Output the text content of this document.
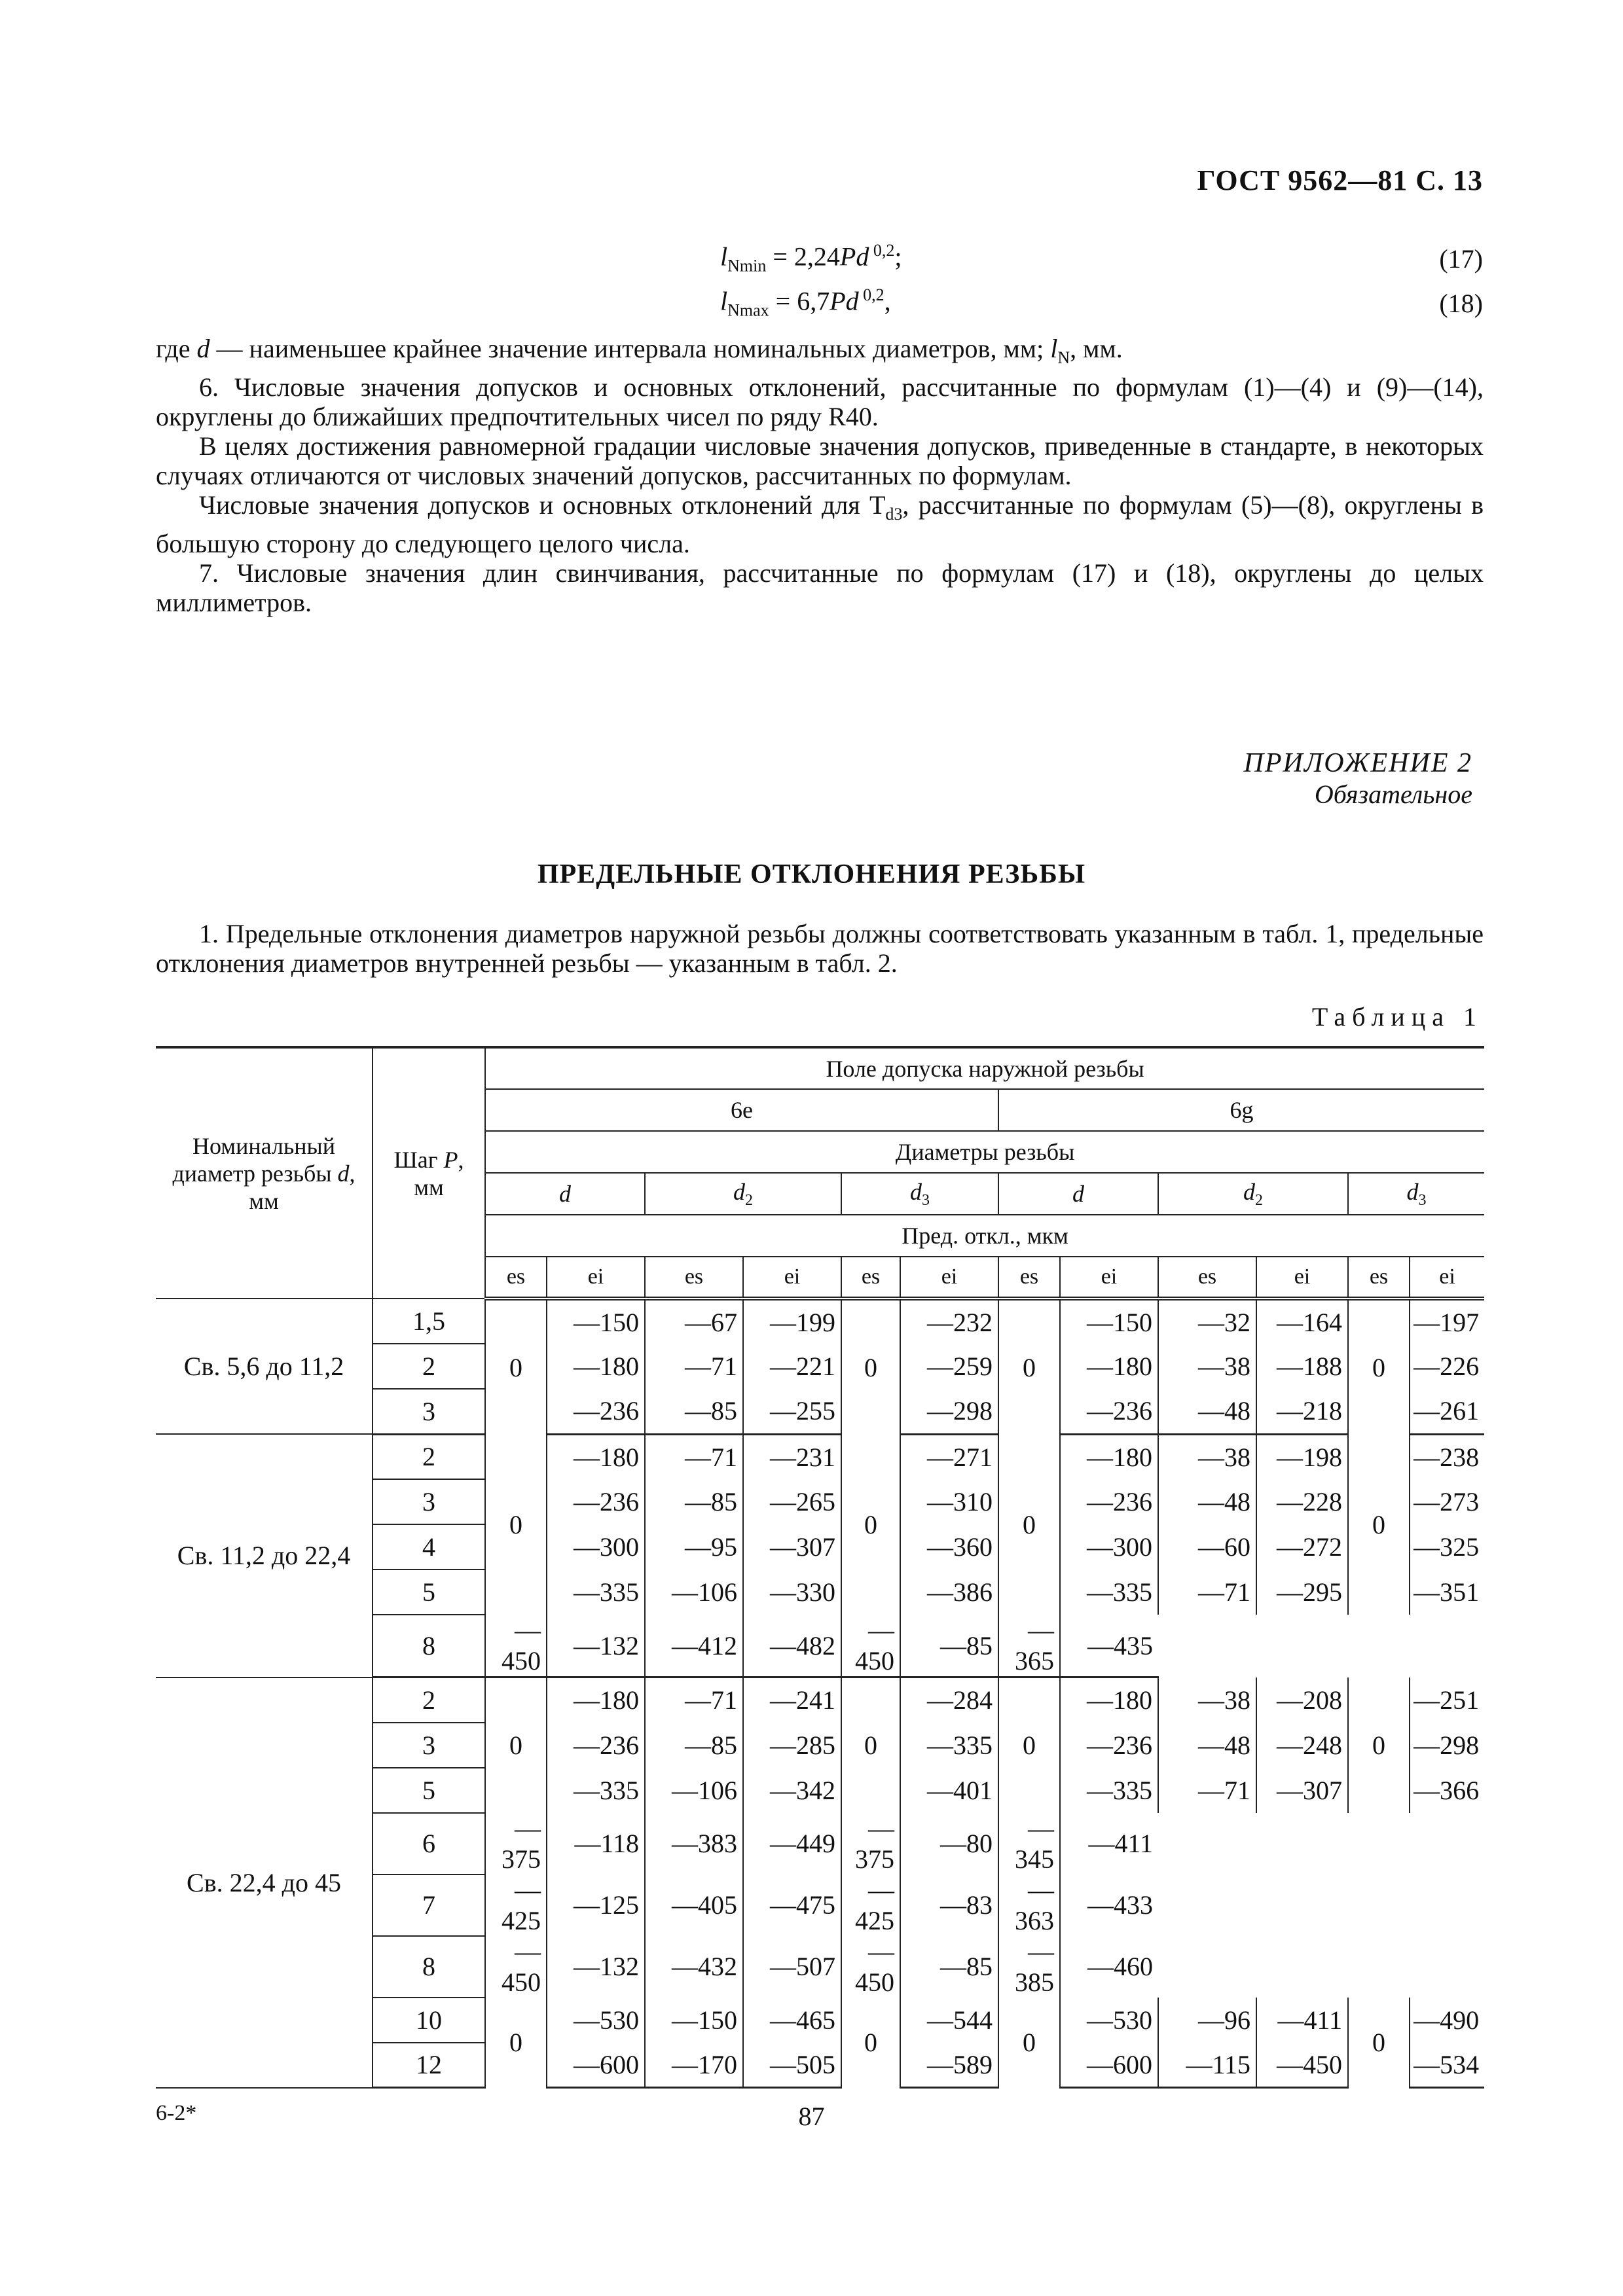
ГОСТ 9562—81 С. 13
$l_{Nmin} = 2,24Pd$ $^{0,2}$;	(17)
$l_{Nmax} = 6,7Pd$ $^{0,2}$,	(18)

где d — наименьшее крайнее значение интервала номинальных диаметров, мм; $l_N$, мм.

6. Числовые значения допусков и основных отклонений, рассчитанные по формулам (1)—(4) и (9)—(14), округлены до ближайших предпочтительных чисел по ряду R40.

В целях достижения равномерной градации числовые значения допусков, приведенные в стандарте, в некоторых случаях отличаются от числовых значений допусков, рассчитанных по формулам.

Числовые значения допусков и основных отклонений для $T_{d3}$, рассчитанные по формулам (5)—(8), округлены в большую сторону до следующего целого числа.

7. Числовые значения длин свинчивания, рассчитанные по формулам (17) и (18), округлены до целых миллиметров.

ПРИЛОЖЕНИЕ 2
Обязательное
ПРЕДЕЛЬНЫЕ ОТКЛОНЕНИЯ РЕЗЬБЫ

1. Предельные отклонения диаметров наружной резьбы должны соответствовать указанным в табл. 1, предельные отклонения диаметров внутренней резьбы — указанным в табл. 2.

Таблица 1
Номинальный
диаметр резьбы d,
мм	Шаг P,
мм	Поле допуска наружной резьбы											
		6e						6g					
		Диаметры резьбы											
		d		$d_2$		$d_3$		d		$d_2$		$d_3$
		Пред. откл., мкм											
		es	ei	es	ei	es	ei	es	ei	es	ei	es	ei
Св. 5,6 до 11,2	1,5	0	—150	—67	—199	0	—232	0	—150	—32	—164	0	—197
	2		—180	—71	—221		—259		—180	—38	—188		—226
	3		—236	—85	—255		—298		—236	—48	—218		—261
Св. 11,2 до 22,4	2	0	—180	—71	—231	0	—271	0	—180	—38	—198	0	—238
	3		—236	—85	—265		—310		—236	—48	—228		—273
	4		—300	—95	—307		—360		—300	—60	—272		—325
	5		—335	—106	—330		—386		—335	—71	—295		—351
	8	—450	—132	—412	—482	—450	—85	—365	—435				
Св. 22,4 до 45	2	0	—180	—71	—241	0	—284	0	—180	—38	—208	0	—251
	3		—236	—85	—285		—335		—236	—48	—248		—298
	5		—335	—106	—342		—401		—335	—71	—307		—366
	6	—375	—118	—383	—449	—375	—80	—345	—411				
	7	—425	—125	—405	—475	—425	—83	—363	—433				
	8	—450	—132	—432	—507	—450	—85	—385	—460				
	10	0	—530	—150	—465	0	—544	0	—530	—96	—411	0	—490
	12		—600	—170	—505		—589		—600	—115	—450		—534
6-2*	87
